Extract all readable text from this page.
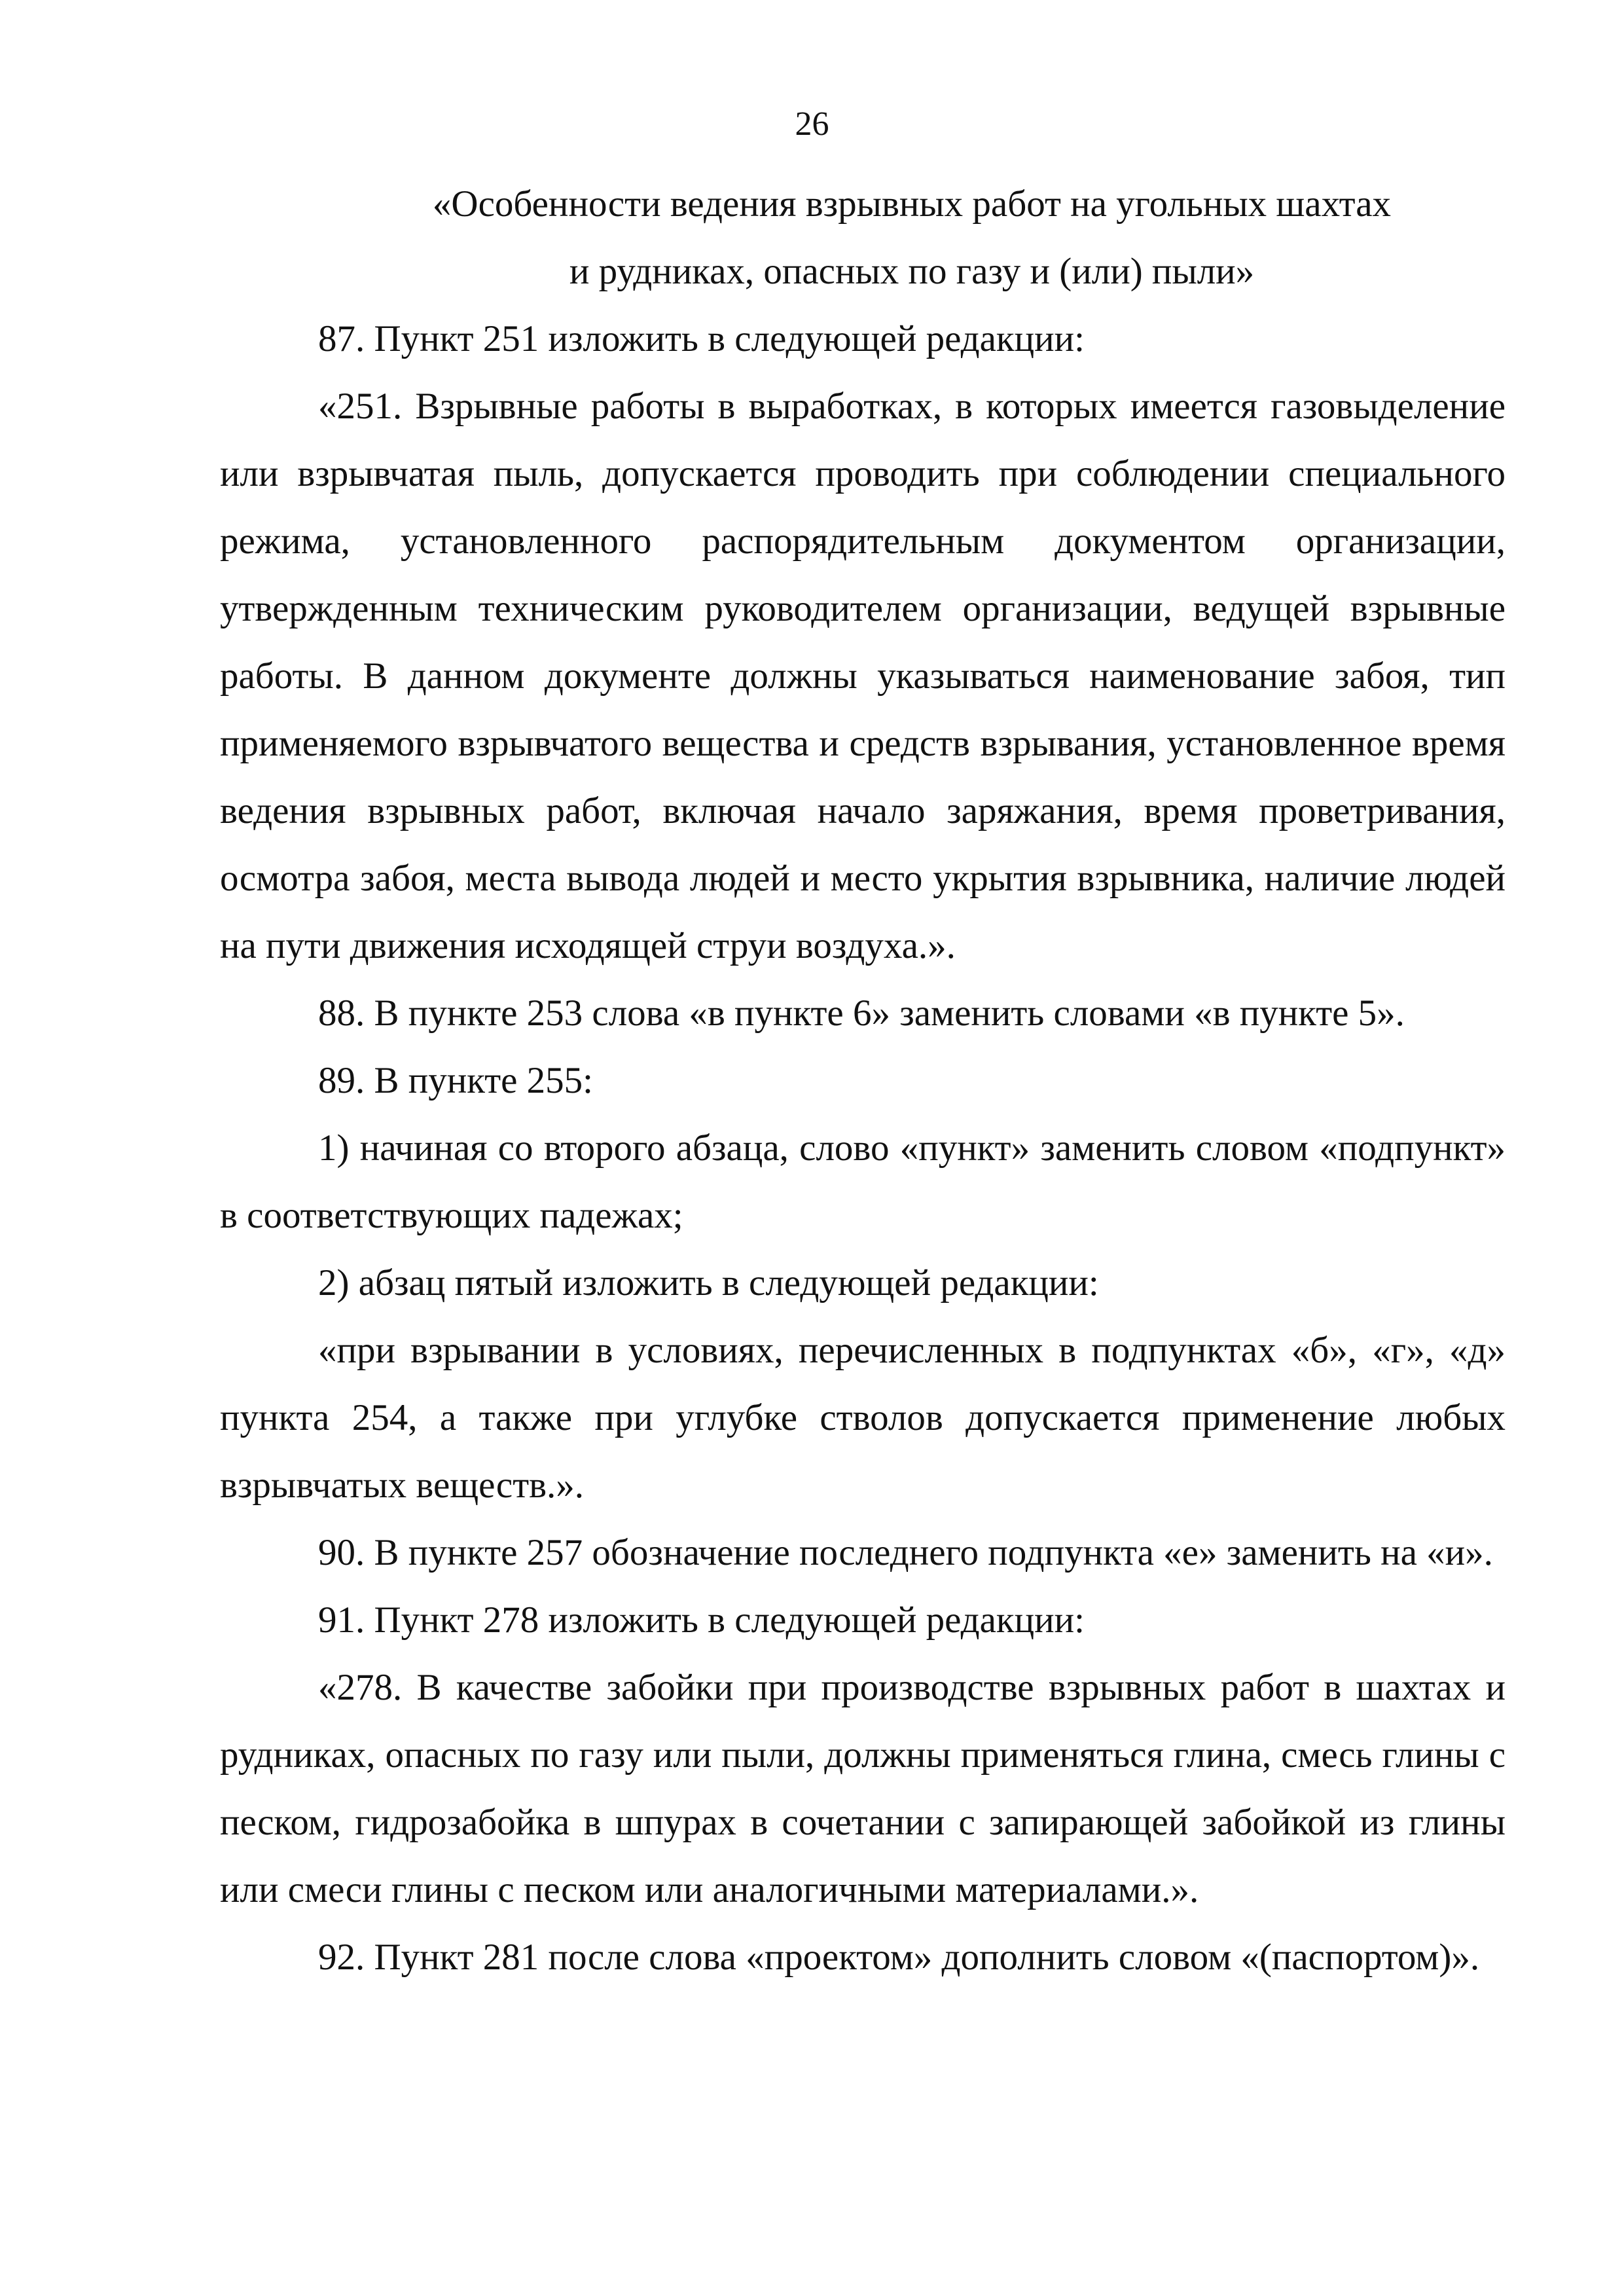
26

«Особенности ведения взрывных работ на угольных шахтах

и рудниках, опасных по газу и (или) пыли»

87. Пункт 251 изложить в следующей редакции:

«251. Взрывные работы в выработках, в которых имеется газовыделение или взрывчатая пыль, допускается проводить при соблюдении специального режима, установленного распорядительным документом организации, утвержденным техническим руководителем организации, ведущей взрывные работы. В данном документе должны указываться наименование забоя, тип применяемого взрывчатого вещества и средств взрывания, установленное время ведения взрывных работ, включая начало заряжания, время проветривания, осмотра забоя, места вывода людей и место укрытия взрывника, наличие людей на пути движения исходящей струи воздуха.».

88. В пункте 253 слова «в пункте 6» заменить словами «в пункте 5».

89. В пункте 255:

1) начиная со второго абзаца, слово «пункт» заменить словом «подпункт» в соответствующих падежах;

2) абзац пятый изложить в следующей редакции:

«при взрывании в условиях, перечисленных в подпунктах «б», «г», «д» пункта 254, а также при углубке стволов допускается применение любых взрывчатых веществ.».

90. В пункте 257 обозначение последнего подпункта «е» заменить на «и».

91. Пункт 278 изложить в следующей редакции:

«278. В качестве забойки при производстве взрывных работ в шахтах и рудниках, опасных по газу или пыли, должны применяться глина, смесь глины с песком, гидрозабойка в шпурах в сочетании с запирающей забойкой из глины или смеси глины с песком или аналогичными материалами.».

92. Пункт 281 после слова «проектом» дополнить словом «(паспортом)».
